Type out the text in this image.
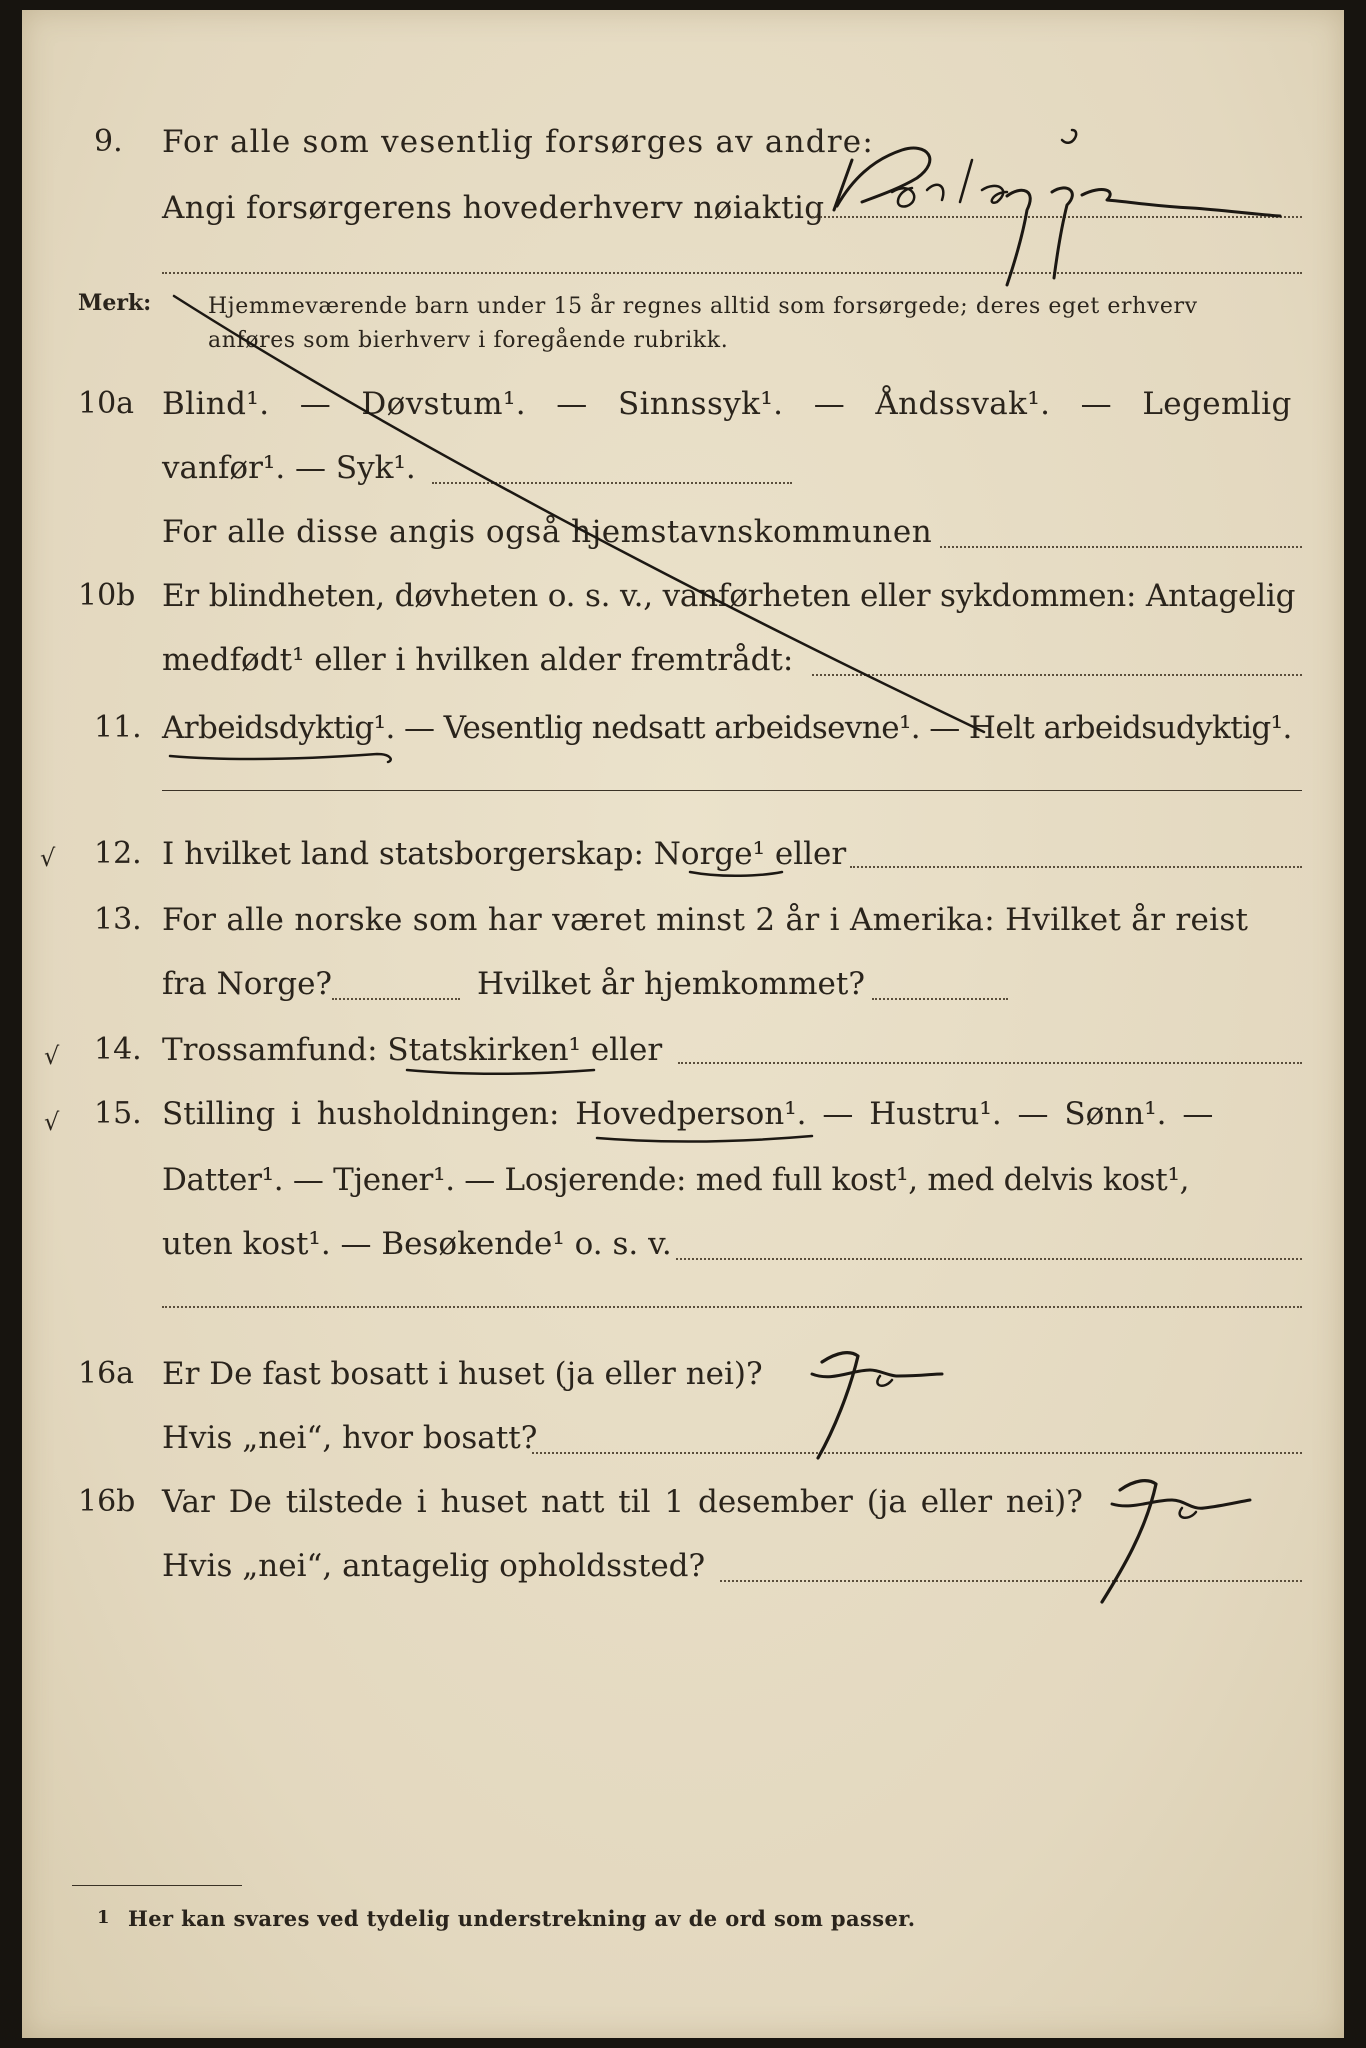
9. For alle som vesentlig forsørges av andre:
Angi forsørgerens hovederhverv nøiaktig
Merk:	Hjemmeværende barn under 15 år regnes alltid som forsørgede; deres eget erhverv
anføres som bierhverv i foregående rubrikk.
10a Blind¹. — Døvstum¹. — Sinnssyk¹. — Åndssvak¹. — Legemlig
vanfør¹. — Syk¹.
For alle disse angis også hjemstavnskommunen
10b Er blindheten, døvheten o. s. v., vanførheten eller sykdommen: Antagelig
medfødt¹ eller i hvilken alder fremtrådt:
11. Arbeidsdyktig¹. — Vesentlig nedsatt arbeidsevne¹. — Helt arbeidsudyktig¹.
12. I hvilket land statsborgerskap: Norge¹ eller
13. For alle norske som har været minst 2 år i Amerika: Hvilket år reist
fra Norge?	Hvilket år hjemkommet?
14. Trossamfund: Statskirken¹ eller
15. Stilling i husholdningen: Hovedperson¹. — Hustru¹. — Sønn¹. —
Datter¹. — Tjener¹. — Losjerende: med full kost¹, med delvis kost¹,
uten kost¹. — Besøkende¹ o. s. v.
16a Er De fast bosatt i huset (ja eller nei)?
Hvis „nei“, hvor bosatt?
16b Var De tilstede i huset natt til 1 desember (ja eller nei)?
Hvis „nei“, antagelig opholdssted?
1 Her kan svares ved tydelig understrekning av de ord som passer.
√
√
√
